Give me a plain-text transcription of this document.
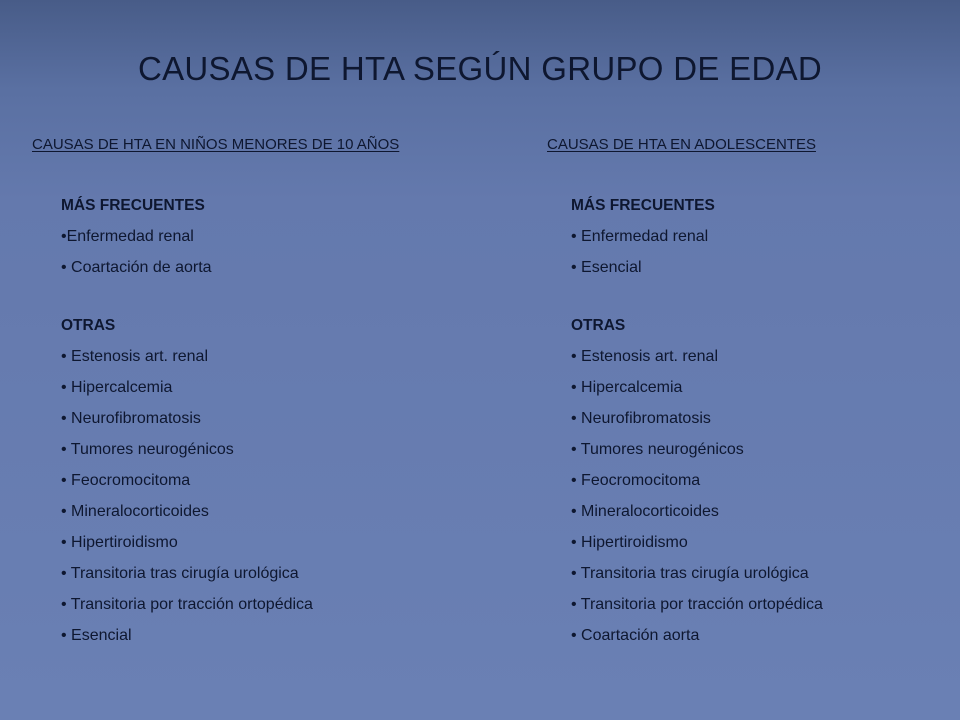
CAUSAS DE HTA SEGÚN GRUPO DE EDAD
CAUSAS DE HTA EN NIÑOS MENORES DE 10 AÑOS	CAUSAS DE HTA EN ADOLESCENTES
MÁS FRECUENTES
•Enfermedad renal
• Coartación de aorta
OTRAS
• Estenosis art. renal
• Hipercalcemia
• Neurofibromatosis
• Tumores neurogénicos
• Feocromocitoma
• Mineralocorticoides
• Hipertiroidismo
• Transitoria tras cirugía urológica
• Transitoria por tracción ortopédica
• Esencial
MÁS FRECUENTES
• Enfermedad renal
• Esencial
OTRAS
• Estenosis art. renal
• Hipercalcemia
• Neurofibromatosis
• Tumores neurogénicos
• Feocromocitoma
• Mineralocorticoides
• Hipertiroidismo
• Transitoria tras cirugía urológica
• Transitoria por tracción ortopédica
• Coartación aorta
